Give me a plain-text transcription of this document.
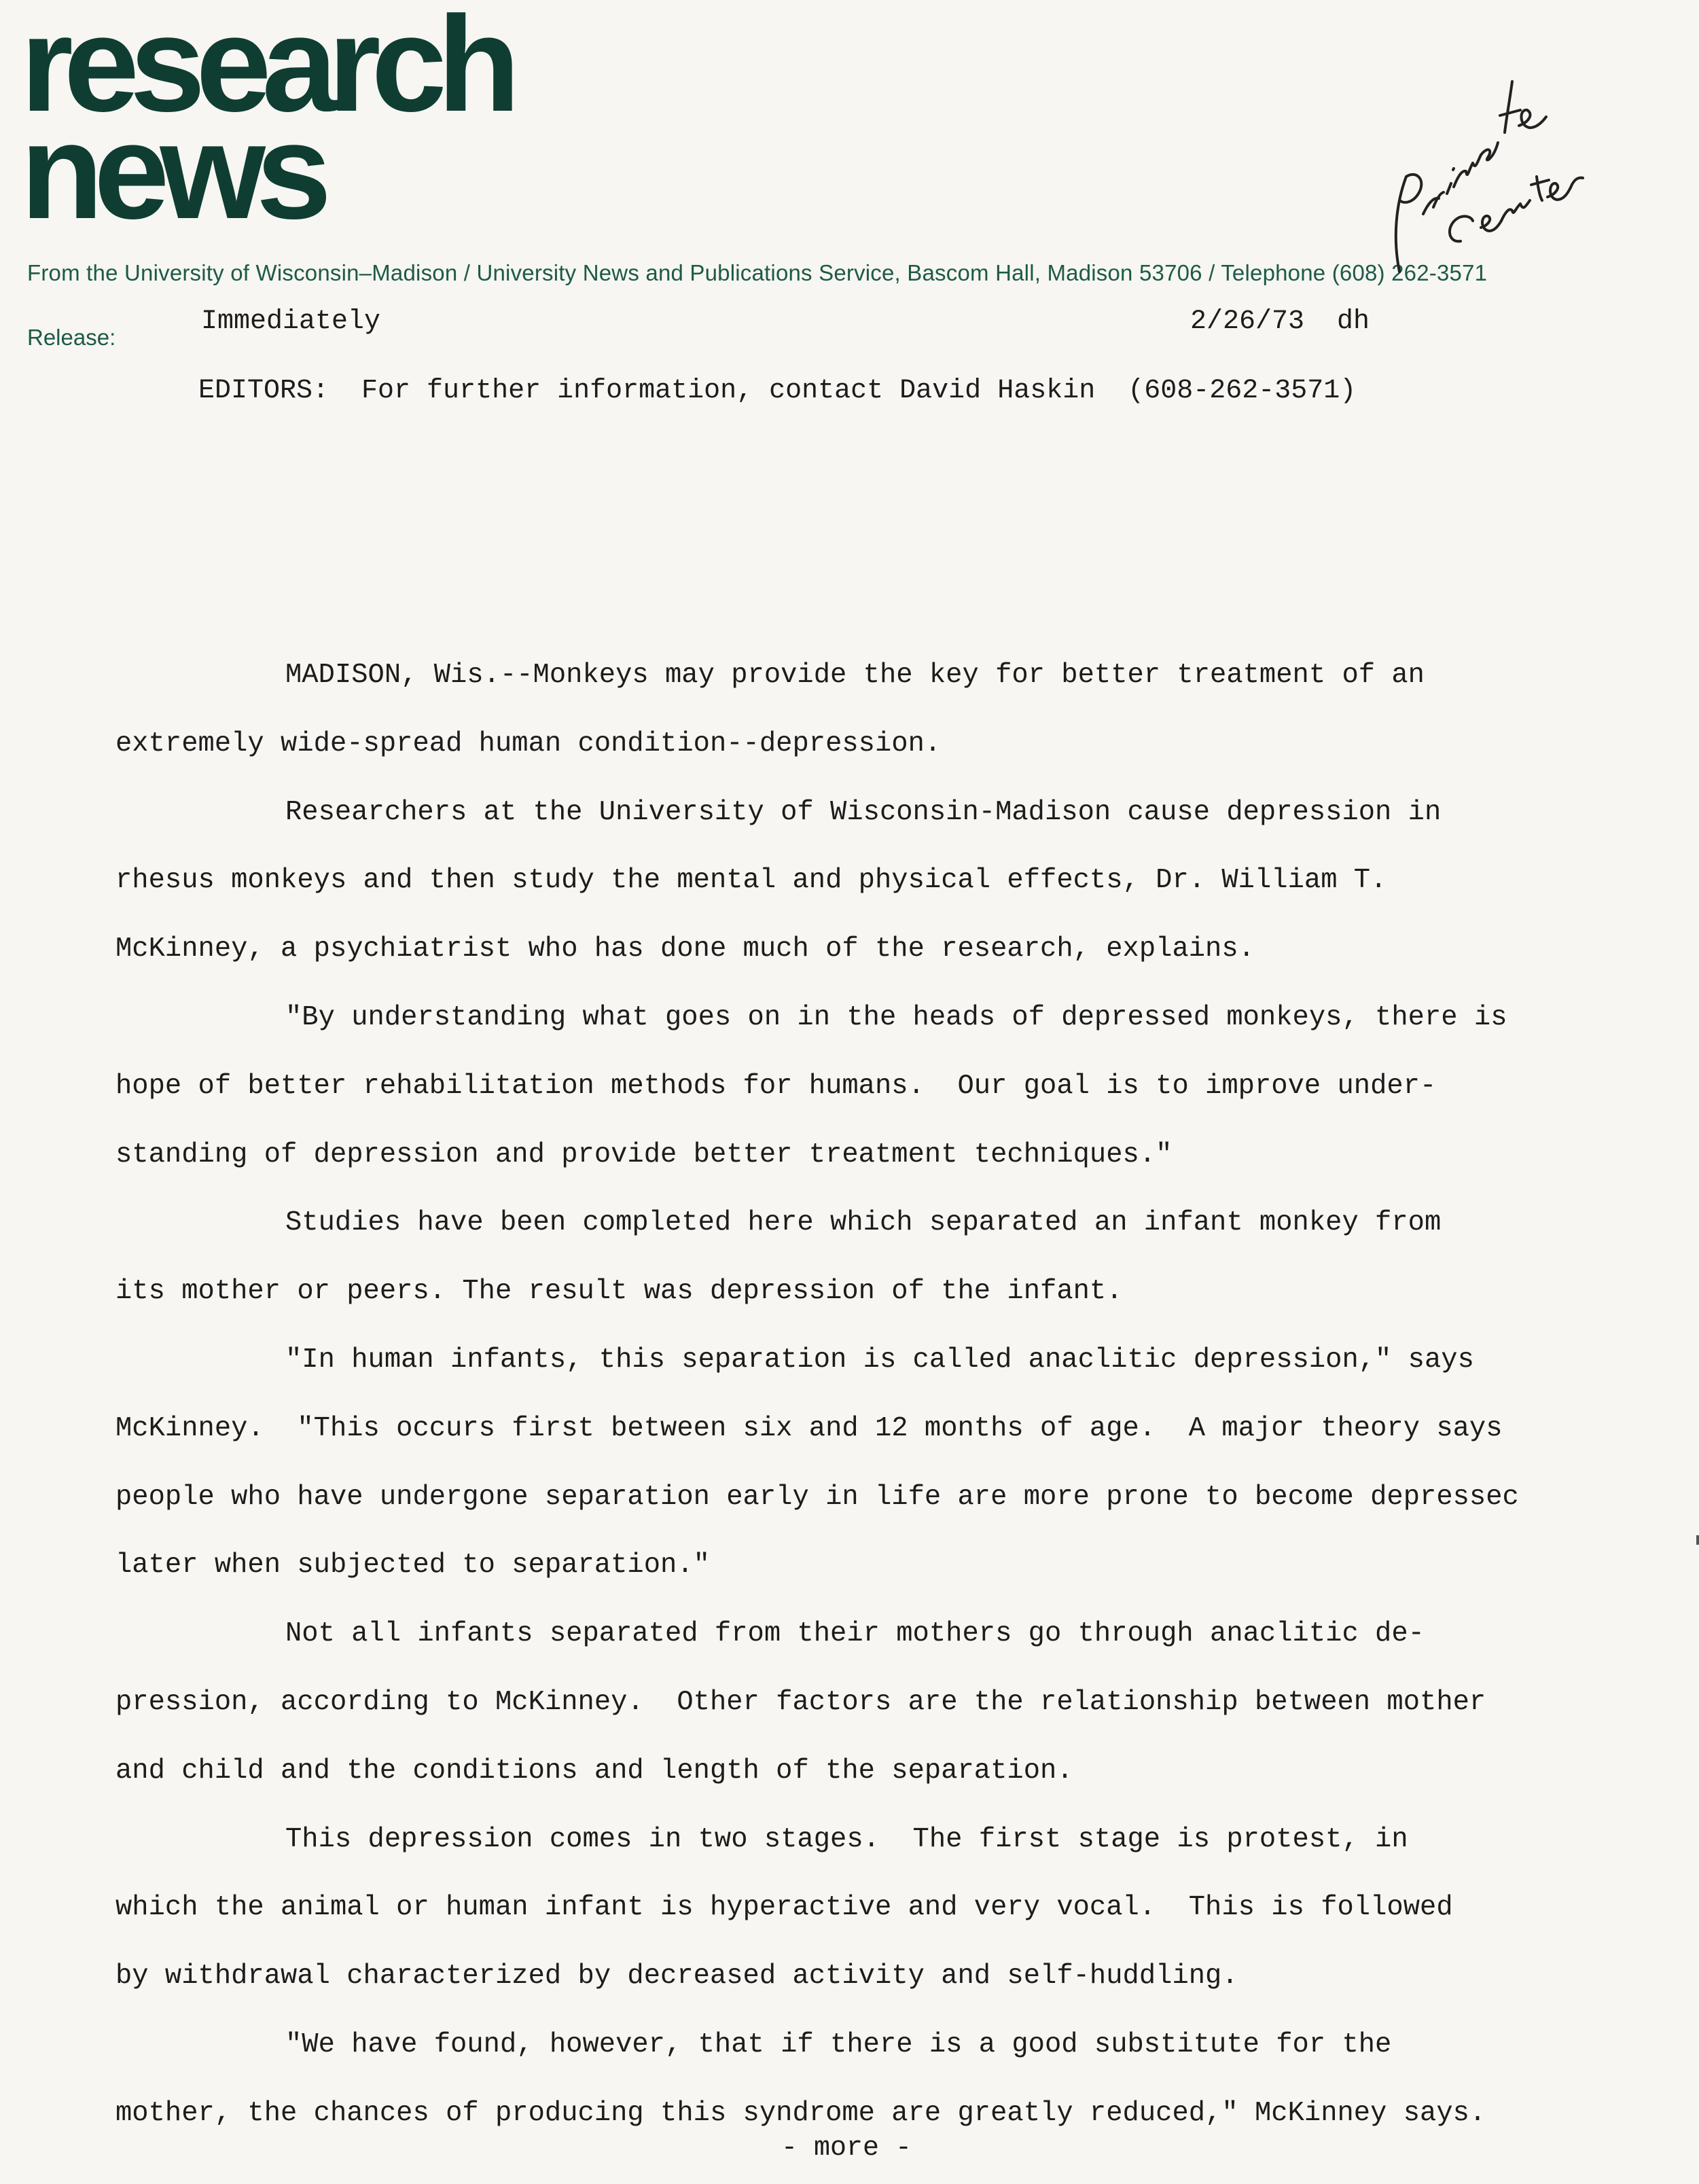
research
news
From the University of Wisconsin–Madison / University News and Publications Service, Bascom Hall, Madison 53706 / Telephone (608) 262-3571
Release:
Immediately	2/26/73  dh
EDITORS:  For further information, contact David Haskin  (608-262-3571)
MADISON, Wis.--Monkeys may provide the key for better treatment of an
extremely wide-spread human condition--depression.
Researchers at the University of Wisconsin-Madison cause depression in
rhesus monkeys and then study the mental and physical effects, Dr. William T.
McKinney, a psychiatrist who has done much of the research, explains.
"By understanding what goes on in the heads of depressed monkeys, there is
hope of better rehabilitation methods for humans.  Our goal is to improve under-
standing of depression and provide better treatment techniques."
Studies have been completed here which separated an infant monkey from
its mother or peers. The result was depression of the infant.
"In human infants, this separation is called anaclitic depression," says
McKinney.  "This occurs first between six and 12 months of age.  A major theory says
people who have undergone separation early in life are more prone to become depressec
later when subjected to separation."
Not all infants separated from their mothers go through anaclitic de-
pression, according to McKinney.  Other factors are the relationship between mother
and child and the conditions and length of the separation.
This depression comes in two stages.  The first stage is protest, in
which the animal or human infant is hyperactive and very vocal.  This is followed
by withdrawal characterized by decreased activity and self-huddling.
"We have found, however, that if there is a good substitute for the
mother, the chances of producing this syndrome are greatly reduced," McKinney says.
- more -
